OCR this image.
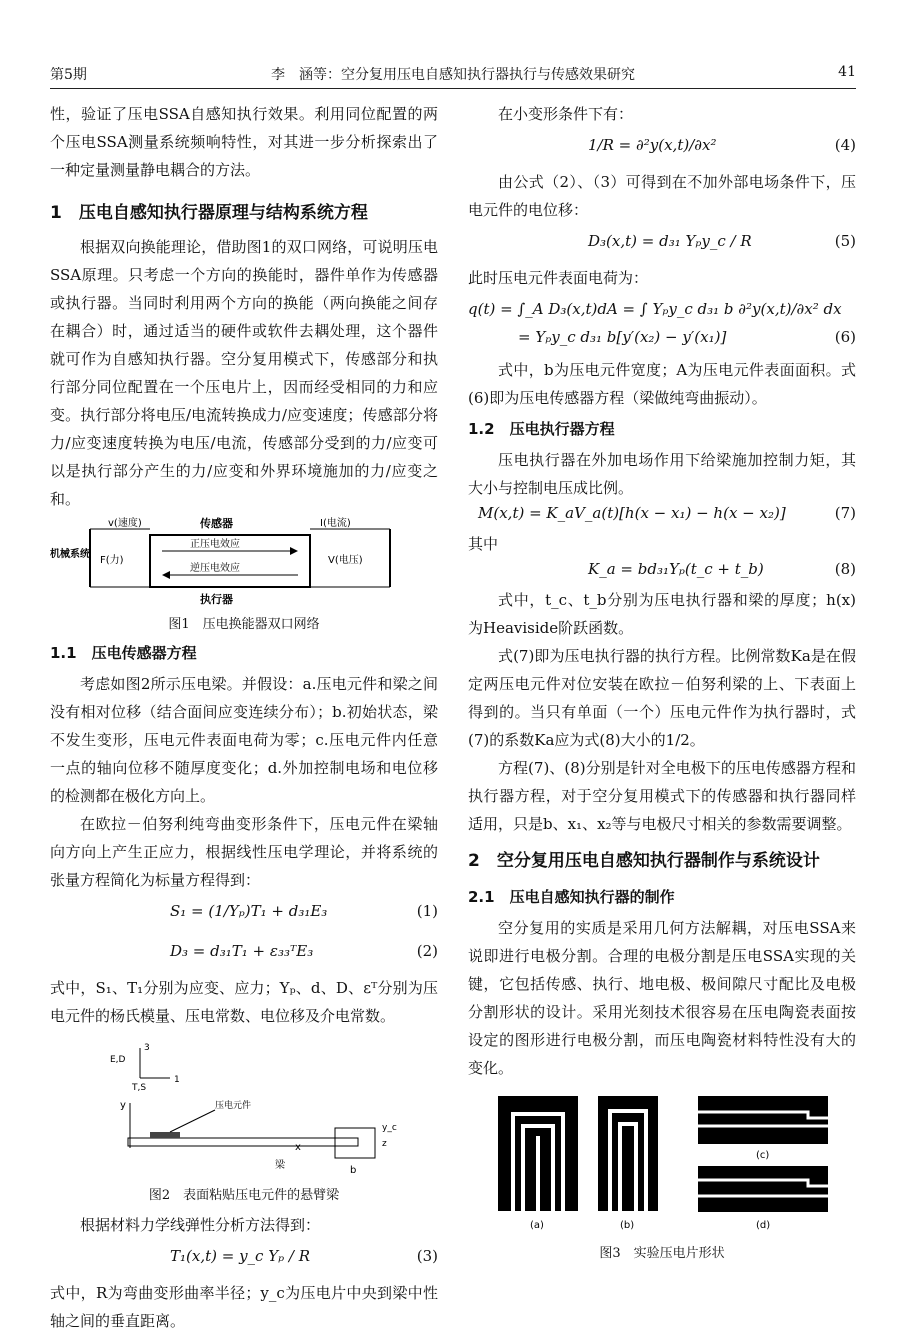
第5期	李　涵等：空分复用压电自感知执行器执行与传感效果研究	41

性，验证了压电SSA自感知执行效果。利用同位配置的两个压电SSA测量系统频响特性，对其进一步分析探索出了一种定量测量静电耦合的方法。

1　压电自感知执行器原理与结构系统方程

根据双向换能理论，借助图1的双口网络，可说明压电SSA原理。只考虑一个方向的换能时，器件单作为传感器或执行器。当同时利用两个方向的换能（两向换能之间存在耦合）时，通过适当的硬件或软件去耦处理，这个器件就可作为自感知执行器。空分复用模式下，传感部分和执行部分同位配置在一个压电片上，因而经受相同的力和应变。执行部分将电压/电流转换成力/应变速度；传感部分将力/应变速度转换为电压/电流，传感部分受到的力/应变可以是执行部分产生的力/应变和外界环境施加的力/应变之和。

v(速度)	传感器	I(电流)
机械系统
F(力)
正压电效应
逆压电效应
V(电压)
执行器
图1　压电换能器双口网络
1.1　压电传感器方程

考虑如图2所示压电梁。并假设：a.压电元件和梁之间没有相对位移（结合面间应变连续分布）；b.初始状态，梁不发生变形，压电元件表面电荷为零；c.压电元件内任意一点的轴向位移不随厚度变化；d.外加控制电场和电位移的检测都在极化方向上。

在欧拉－伯努利纯弯曲变形条件下，压电元件在梁轴向方向上产生正应力，根据线性压电学理论，并将系统的张量方程简化为标量方程得到：

S₁ = (1/Yₚ)T₁ + d₃₁E₃	(1)
D₃ = d₃₁T₁ + ε₃₃ᵀE₃	(2)

式中，S₁、T₁分别为应变、应力；Yₚ、d、D、εᵀ分别为压电元件的杨氏模量、压电常数、电位移及介电常数。

E,D
3
T,S
1
y	压电元件
x
梁	b
y_c
z
图2　表面粘贴压电元件的悬臂梁

根据材料力学线弹性分析方法得到：

T₁(x,t) = y_c Yₚ / R	(3)

式中，R为弯曲变形曲率半径；y_c为压电片中央到梁中性轴之间的垂直距离。

在小变形条件下有：

1/R = ∂²y(x,t)/∂x²	(4)

由公式（2）、（3）可得到在不加外部电场条件下，压电元件的电位移：

D₃(x,t) = d₃₁ Yₚy_c / R	(5)

此时压电元件表面电荷为：

q(t) = ∫_A D₃(x,t)dA = ∫ Yₚy_c d₃₁ b ∂²y(x,t)/∂x² dx
= Yₚy_c d₃₁ b[y′(x₂) − y′(x₁)]	(6)

式中，b为压电元件宽度；A为压电元件表面面积。式(6)即为压电传感器方程（梁做纯弯曲振动）。

1.2　压电执行器方程

压电执行器在外加电场作用下给梁施加控制力矩，其大小与控制电压成比例。

M(x,t) = K_aV_a(t)[h(x − x₁) − h(x − x₂)]	(7)

其中

K_a = bd₃₁Yₚ(t_c + t_b)	(8)

式中，t_c、t_b分别为压电执行器和梁的厚度；h(x)为Heaviside阶跃函数。

式(7)即为压电执行器的执行方程。比例常数Ka是在假定两压电元件对位安装在欧拉－伯努利梁的上、下表面上得到的。当只有单面（一个）压电元件作为执行器时，式(7)的系数Ka应为式(8)大小的1/2。

方程(7)、(8)分别是针对全电极下的压电传感器方程和执行器方程，对于空分复用模式下的传感器和执行器同样适用，只是b、x₁、x₂等与电极尺寸相关的参数需要调整。

2　空分复用压电自感知执行器制作与系统设计
2.1　压电自感知执行器的制作

空分复用的实质是采用几何方法解耦，对压电SSA来说即进行电极分割。合理的电极分割是压电SSA实现的关键，它包括传感、执行、地电极、极间隙尺寸配比及电极分割形状的设计。采用光刻技术很容易在压电陶瓷表面按设定的图形进行电极分割，而压电陶瓷材料特性没有大的变化。

(a)	(b)
(c)
(d)
图3　实验压电片形状
